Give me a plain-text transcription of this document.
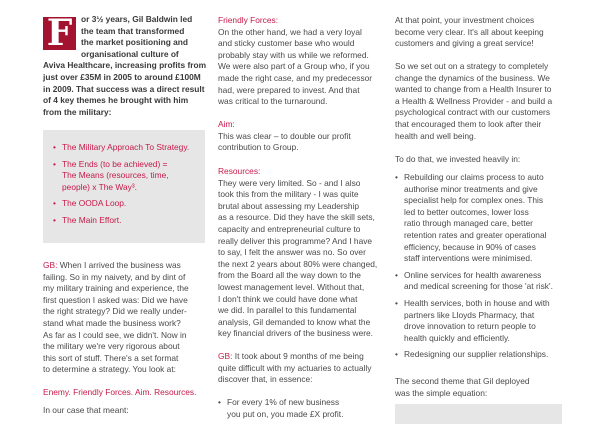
F	or 3½ years, Gil Baldwin led
the team that transformed
the market positioning and
organisational culture of
Aviva Healthcare, increasing profits from
just over £35M in 2005 to around £100M
in 2009. That success was a direct result
of 4 key themes he brought with him
from the military:
• The Military Approach To Strategy.
• The Ends (to be achieved) =
The Means (resources, time,
people) x The Way³.
• The OODA Loop.
• The Main Effort.
GB: When I arrived the business was
failing. So in my naivety, and by dint of
my military training and experience, the
first question I asked was: Did we have
the right strategy? Did we really under-
stand what made the business work?
As far as I could see, we didn't. Now in
the military we're very rigorous about
this sort of stuff. There's a set format
to determine a strategy. You look at:
Enemy. Friendly Forces. Aim. Resources.
In our case that meant:
Friendly Forces:
On the other hand, we had a very loyal
and sticky customer base who would
probably stay with us while we reformed.
We were also part of a Group who, if you
made the right case, and my predecessor
had, were prepared to invest. And that
was critical to the turnaround.
Aim:
This was clear – to double our profit
contribution to Group.
Resources:
They were very limited. So - and I also
took this from the military - I was quite
brutal about assessing my Leadership
as a resource. Did they have the skill sets,
capacity and entrepreneurial culture to
really deliver this programme? And I have
to say, I felt the answer was no. So over
the next 2 years about 80% were changed,
from the Board all the way down to the
lowest management level. Without that,
I don't think we could have done what
we did. In parallel to this fundamental
analysis, Gil demanded to know what the
key financial drivers of the business were.
GB: It took about 9 months of me being
quite difficult with my actuaries to actually
discover that, in essence:
• For every 1% of new business
you put on, you made £X profit.
At that point, your investment choices
become very clear. It's all about keeping
customers and giving a great service!
So we set out on a strategy to completely
change the dynamics of the business. We
wanted to change from a Health Insurer to
a Health & Wellness Provider - and build a
psychological contract with our customers
that encouraged them to look after their
health and well being.
To do that, we invested heavily in:
• Rebuilding our claims process to auto
authorise minor treatments and give
specialist help for complex ones. This
led to better outcomes, lower loss
ratio through managed care, better
retention rates and greater operational
efficiency, because in 90% of cases
staff interventions were minimised.
• Online services for health awareness
and medical screening for those 'at risk'.
• Health services, both in house and with
partners like Lloyds Pharmacy, that
drove innovation to return people to
health quickly and efficiently.
• Redesigning our supplier relationships.
The second theme that Gil deployed
was the simple equation:
